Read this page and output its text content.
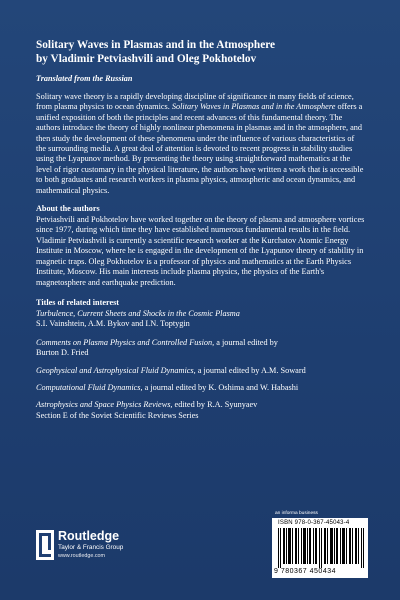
Solitary Waves in Plasmas and in the Atmosphere

by Vladimir Petviashvili and Oleg Pokhotelov

Translated from the Russian

Solitary wave theory is a rapidly developing discipline of significance in many fields of science, from plasma physics to ocean dynamics. Solitary Waves in Plasmas and in the Atmosphere offers a unified exposition of both the principles and recent advances of this fundamental theory. The authors introduce the theory of highly nonlinear phenomena in plasmas and in the atmosphere, and then study the development of these phenomena under the influence of various characteristics of the surrounding media. A great deal of attention is devoted to recent progress in stability studies using the Lyapunov method. By presenting the theory using straightforward mathematics at the level of rigor customary in the physical literature, the authors have written a work that is accessible to both graduates and research workers in plasma physics, atmospheric and ocean dynamics, and mathematical physics.

About the authors

Petviashvili and Pokhotelov have worked together on the theory of plasma and atmosphere vortices since 1977, during which time they have established numerous fundamental results in the field. Vladimir Petviashvili is currently a scientific research worker at the Kurchatov Atomic Energy Institute in Moscow, where he is engaged in the development of the Lyapunov theory of stability in magnetic traps. Oleg Pokhotelov is a professor of physics and mathematics at the Earth Physics Institute, Moscow. His main interests include plasma physics, the physics of the Earth's magnetosphere and earthquake prediction.

Titles of related interest

Turbulence, Current Sheets and Shocks in the Cosmic Plasma
S.I. Vainshtein, A.M. Bykov and I.N. Toptygin
Comments on Plasma Physics and Controlled Fusion, a journal edited by
Burton D. Fried
Geophysical and Astrophysical Fluid Dynamics, a journal edited by A.M. Soward
Computational Fluid Dynamics, a journal edited by K. Oshima and W. Habashi
Astrophysics and Space Physics Reviews, edited by R.A. Syunyaev
Section E of the Soviet Scientific Reviews Series
Routledge
Taylor & Francis Group
www.routledge.com
an informa business
ISBN 978-0-367-45043-4
9 780367 450434
